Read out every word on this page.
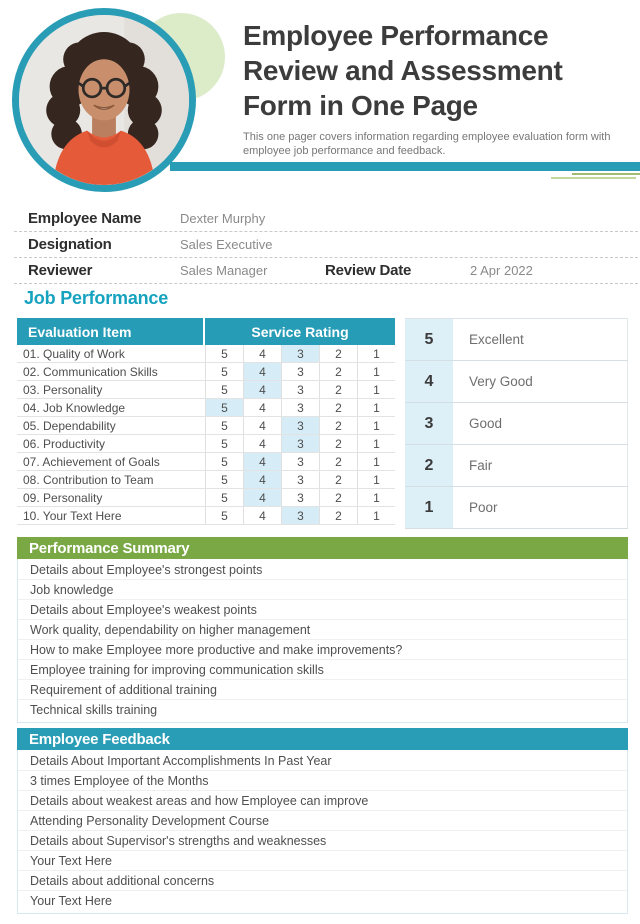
Employee Performance
Review and Assessment
Form in One Page
This one pager covers information regarding employee evaluation form with employee job performance and feedback.
Employee Name	Dexter Murphy
Designation	Sales Executive
Reviewer	Sales Manager	Review Date	2 Apr 2022
Job Performance
Evaluation Item	Service Rating
01. Quality of Work	5	4	3	2	1
02. Communication Skills	5	4	3	2	1
03. Personality	5	4	3	2	1
04. Job Knowledge	5	4	3	2	1
05. Dependability	5	4	3	2	1
06. Productivity	5	4	3	2	1
07. Achievement of Goals	5	4	3	2	1
08. Contribution to Team	5	4	3	2	1
09. Personality	5	4	3	2	1
10. Your Text Here	5	4	3	2	1
5	Excellent
4	Very Good
3	Good
2	Fair
1	Poor
Performance Summary
Details about Employee's strongest points
Job knowledge
Details about Employee's weakest points
Work quality, dependability on higher management
How to make Employee more productive and make improvements?
Employee training for improving communication skills
Requirement of additional training
Technical skills training
Employee Feedback
Details About Important Accomplishments In Past Year
3 times Employee of the Months
Details about weakest areas and how Employee can improve
Attending Personality Development Course
Details about Supervisor's strengths and weaknesses
Your Text Here
Details about additional concerns
Your Text Here
